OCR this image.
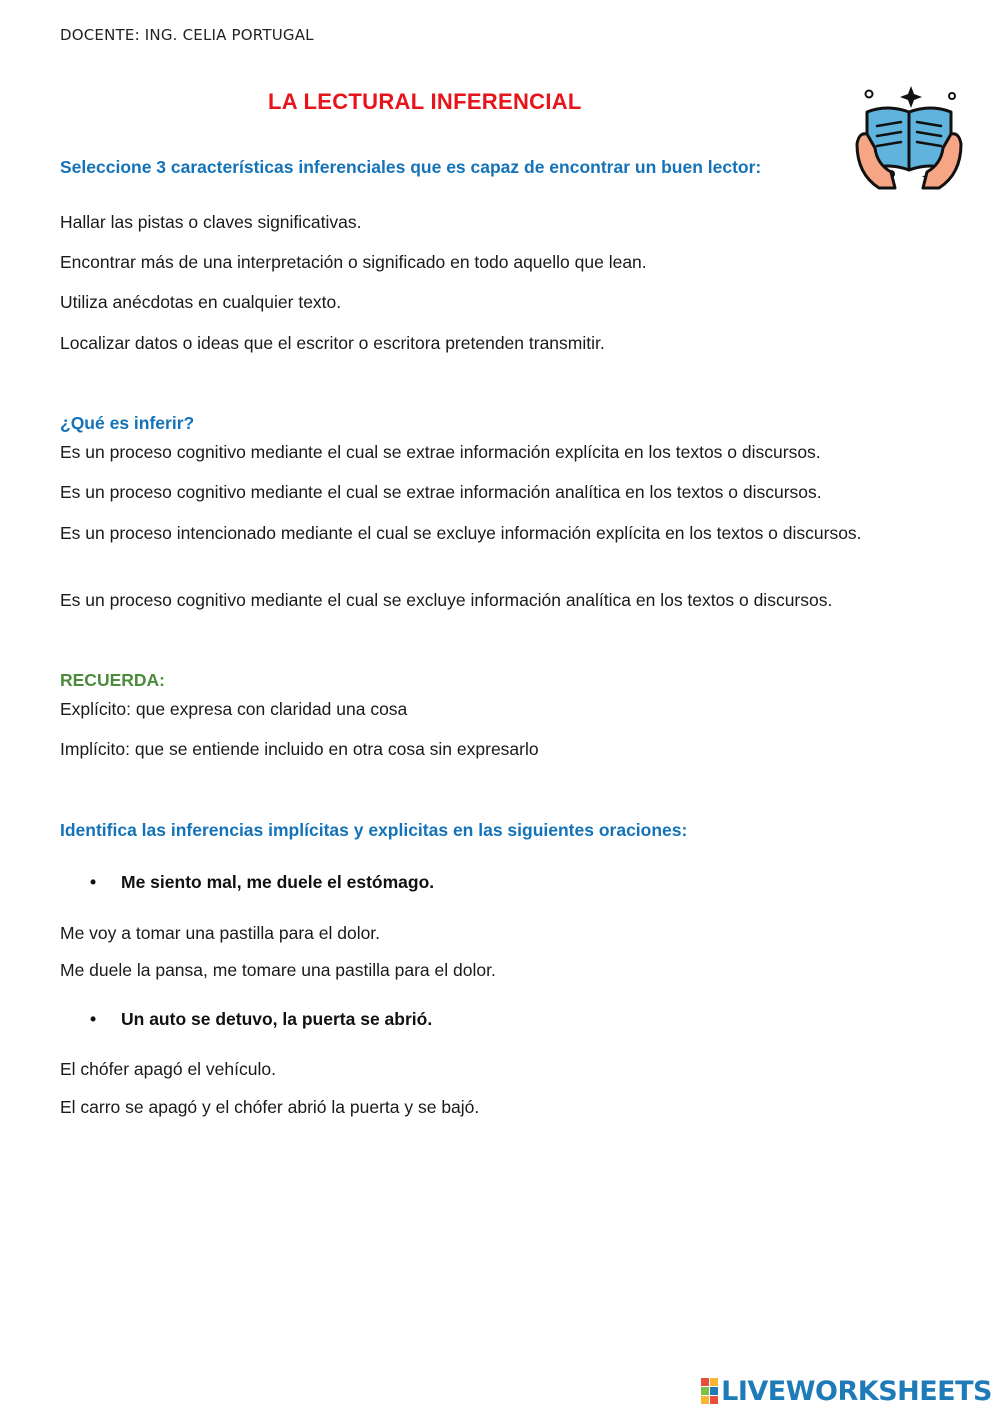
DOCENTE: ING. CELIA PORTUGAL
LA LECTURAL INFERENCIAL
Seleccione 3 características inferenciales que es capaz de encontrar un buen lector:
Hallar las pistas o claves significativas.
Encontrar más de una interpretación o significado en todo aquello que lean.
Utiliza anécdotas en cualquier texto.
Localizar datos o ideas que el escritor o escritora pretenden transmitir.
¿Qué es inferir?
Es un proceso cognitivo mediante el cual se extrae información explícita en los textos o discursos.
Es un proceso cognitivo mediante el cual se extrae información analítica en los textos o discursos.
Es un proceso intencionado mediante el cual se excluye información explícita en los textos o discursos.
Es un proceso cognitivo mediante el cual se excluye información analítica en los textos o discursos.
RECUERDA:
Explícito: que expresa con claridad una cosa
Implícito: que se entiende incluido en otra cosa sin expresarlo
Identifica las inferencias implícitas y explicitas en las siguientes oraciones:
• Me siento mal, me duele el estómago.
Me voy a tomar una pastilla para el dolor.
Me duele la pansa, me tomare una pastilla para el dolor.
• Un auto se detuvo, la puerta se abrió.
El chófer apagó el vehículo.
El carro se apagó y el chófer abrió la puerta y se bajó.
LIVEWORKSHEETS
